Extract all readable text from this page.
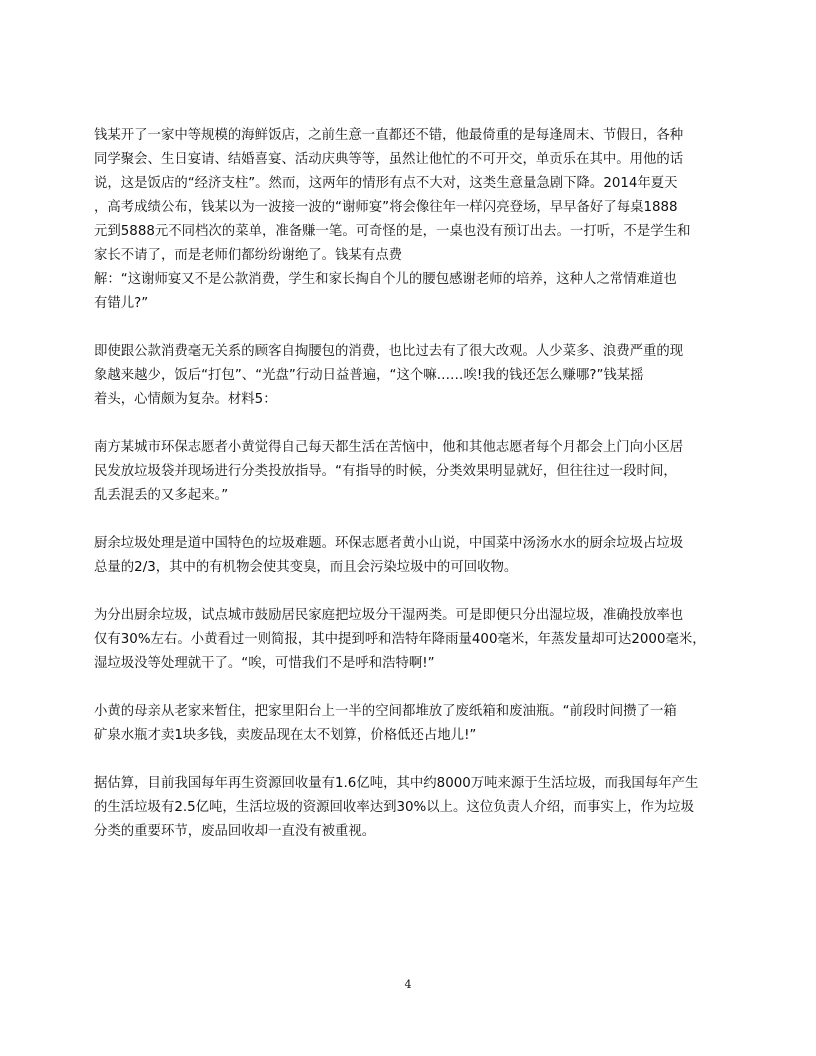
钱某开了一家中等规模的海鲜饭店，之前生意一直都还不错，他最倚重的是每逢周末、节假日，各种
同学聚会、生日宴请、结婚喜宴、活动庆典等等，虽然让他忙的不可开交，单贡乐在其中。用他的话
说，这是饭店的“经济支柱”。然而，这两年的情形有点不大对，这类生意量急剧下降。2014年夏天
，高考成绩公布，钱某以为一波接一波的“谢师宴”将会像往年一样闪亮登场，早早备好了每桌1888
元到5888元不同档次的菜单，准备赚一笔。可奇怪的是，一桌也没有预订出去。一打听，不是学生和
家长不请了，而是老师们都纷纷谢绝了。钱某有点费
解：“这谢师宴又不是公款消费，学生和家长掏自个儿的腰包感谢老师的培养，这种人之常情难道也
有错儿?”
即使跟公款消费毫无关系的顾客自掏腰包的消费，也比过去有了很大改观。人少菜多、浪费严重的现
象越来越少，饭后“打包”、“光盘”行动日益普遍，“这个嘛……唉!我的钱还怎么赚哪?”钱某摇
着头，心情颇为复杂。材料5：
南方某城市环保志愿者小黄觉得自己每天都生活在苦恼中，他和其他志愿者每个月都会上门向小区居
民发放垃圾袋并现场进行分类投放指导。“有指导的时候，分类效果明显就好，但往往过一段时间，
乱丢混丢的又多起来。”
厨余垃圾处理是道中国特色的垃圾难题。环保志愿者黄小山说，中国菜中汤汤水水的厨余垃圾占垃圾
总量的2/3，其中的有机物会使其变臭，而且会污染垃圾中的可回收物。
为分出厨余垃圾，试点城市鼓励居民家庭把垃圾分干湿两类。可是即便只分出湿垃圾，准确投放率也
仅有30%左右。小黄看过一则简报，其中提到呼和浩特年降雨量400毫米，年蒸发量却可达2000毫米，
湿垃圾没等处理就干了。“唉，可惜我们不是呼和浩特啊!”
小黄的母亲从老家来暂住，把家里阳台上一半的空间都堆放了废纸箱和废油瓶。“前段时间攒了一箱
矿泉水瓶才卖1块多钱，卖废品现在太不划算，价格低还占地儿!”
据估算，目前我国每年再生资源回收量有1.6亿吨，其中约8000万吨来源于生活垃圾，而我国每年产生
的生活垃圾有2.5亿吨，生活垃圾的资源回收率达到30%以上。这位负责人介绍，而事实上，作为垃圾
分类的重要环节，废品回收却一直没有被重视。
4
